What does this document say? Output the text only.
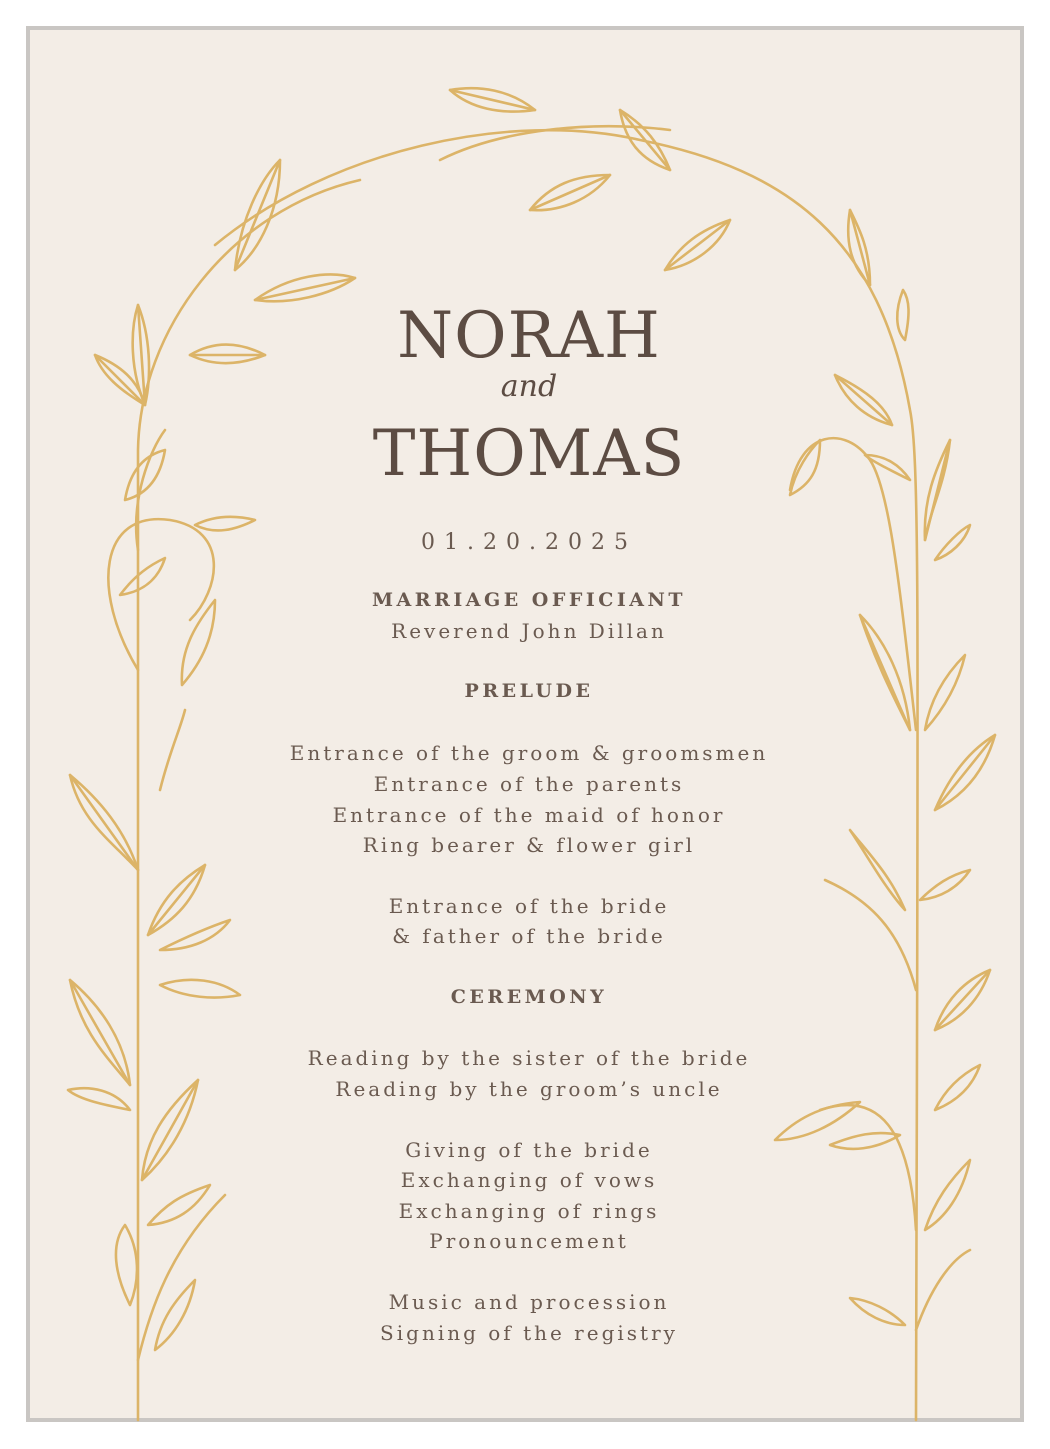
NORAH
and
THOMAS
01.20.2025
MARRIAGE OFFICIANT
Reverend John Dillan
PRELUDE
Entrance of the groom & groomsmen
Entrance of the parents
Entrance of the maid of honor
Ring bearer & flower girl
Entrance of the bride
& father of the bride
CEREMONY
Reading by the sister of the bride
Reading by the groom’s uncle
Giving of the bride
Exchanging of vows
Exchanging of rings
Pronouncement
Music and procession
Signing of the registry
